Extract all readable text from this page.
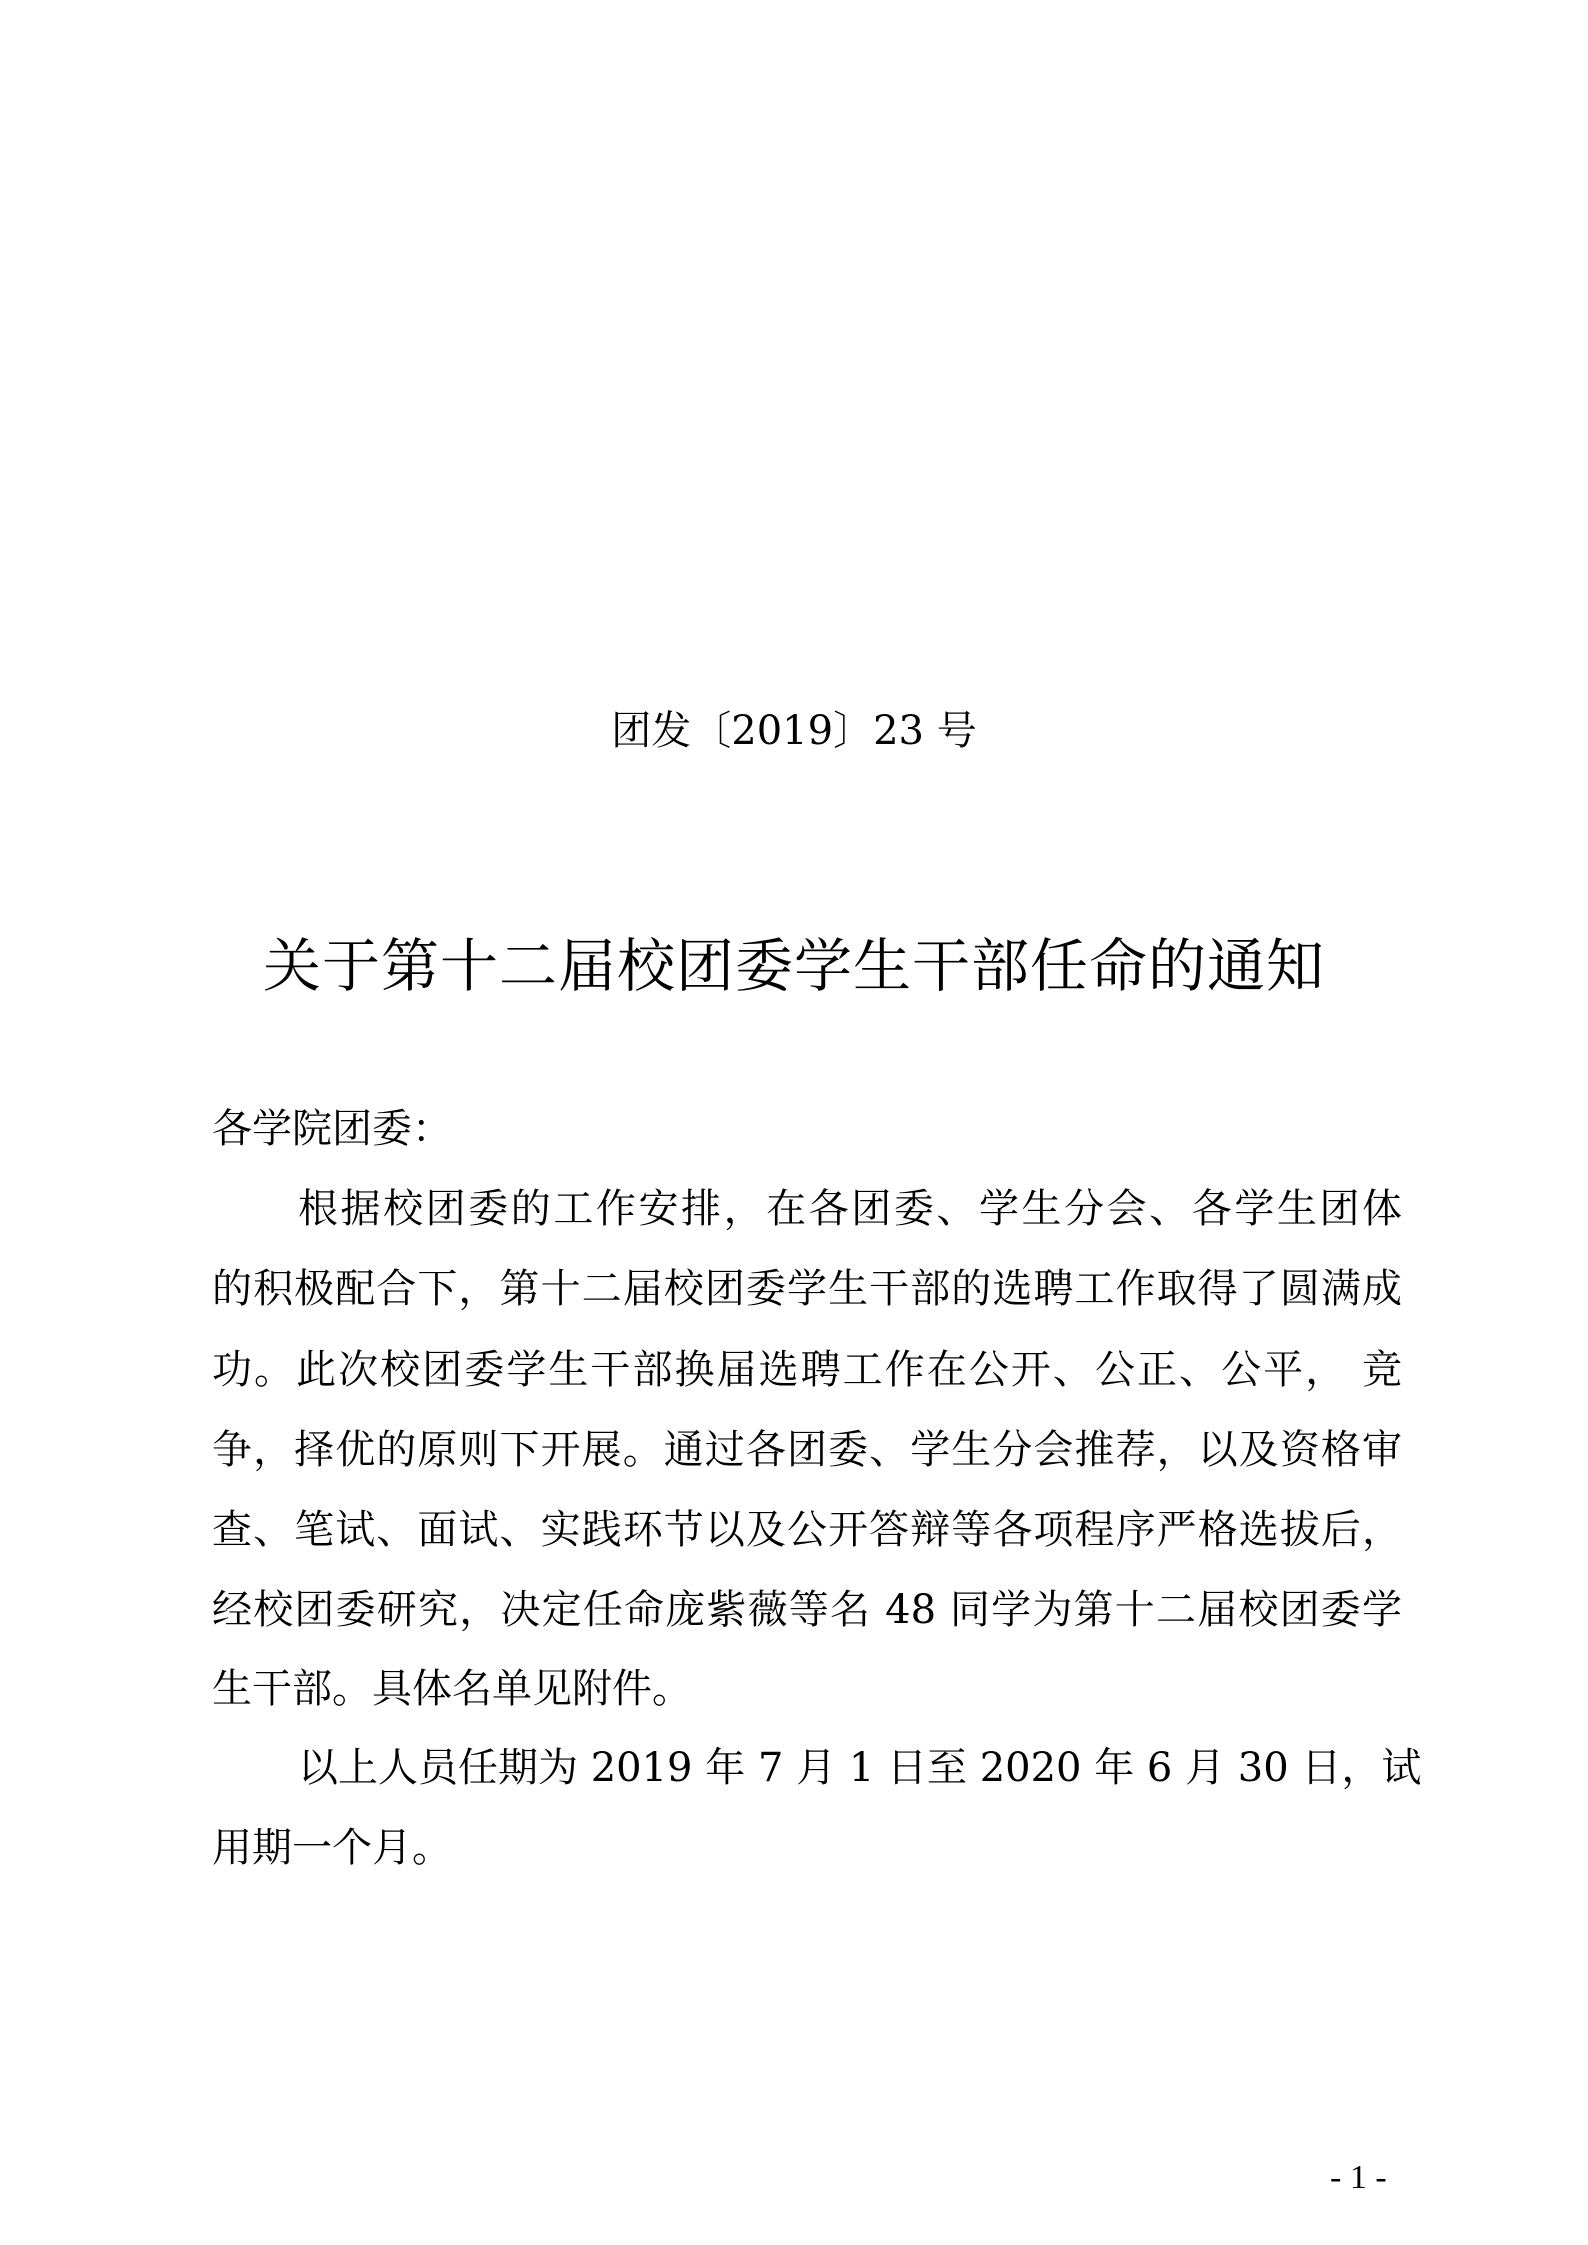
团发〔2019〕23 号

关于第十二届校团委学生干部任命的通知

各学院团委：

根据校团委的工作安排，在各团委、学生分会、各学生团体

的积极配合下，第十二届校团委学生干部的选聘工作取得了圆满成

功。此次校团委学生干部换届选聘工作在公开、公正、公平， 竞

争，择优的原则下开展。通过各团委、学生分会推荐，以及资格审

查、笔试、面试、实践环节以及公开答辩等各项程序严格选拔后，

经校团委研究，决定任命庞紫薇等名 48 同学为第十二届校团委学

生干部。具体名单见附件。

以上人员任期为 2019 年 7 月 1 日至 2020 年 6 月 30 日，试

用期一个月。

- 1 -
